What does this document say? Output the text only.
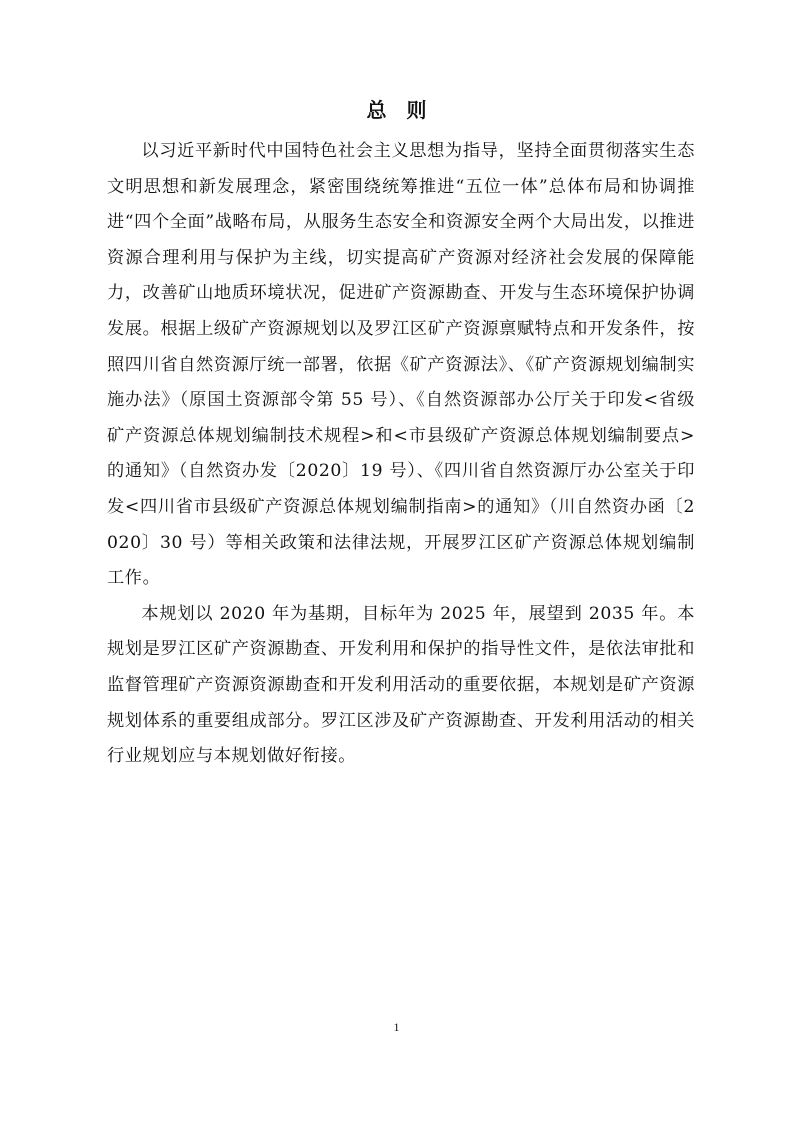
总则

以习近平新时代中国特色社会主义思想为指导，坚持全面贯彻落实生态文明思想和新发展理念，紧密围绕统筹推进“五位一体”总体布局和协调推进“四个全面”战略布局，从服务生态安全和资源安全两个大局出发，以推进资源合理利用与保护为主线，切实提高矿产资源对经济社会发展的保障能力，改善矿山地质环境状况，促进矿产资源勘查、开发与生态环境保护协调发展。根据上级矿产资源规划以及罗江区矿产资源禀赋特点和开发条件，按照四川省自然资源厅统一部署，依据《矿产资源法》、《矿产资源规划编制实施办法》（原国土资源部令第 55 号）、《自然资源部办公厅关于印发<省级矿产资源总体规划编制技术规程>和<市县级矿产资源总体规划编制要点>的通知》（自然资办发〔2020〕19 号）、《四川省自然资源厅办公室关于印发<四川省市县级矿产资源总体规划编制指南>的通知》（川自然资办函〔2020〕30 号）等相关政策和法律法规，开展罗江区矿产资源总体规划编制工作。

本规划以 2020 年为基期，目标年为 2025 年，展望到 2035 年。本规划是罗江区矿产资源勘查、开发利用和保护的指导性文件，是依法审批和监督管理矿产资源资源勘查和开发利用活动的重要依据，本规划是矿产资源规划体系的重要组成部分。罗江区涉及矿产资源勘查、开发利用活动的相关行业规划应与本规划做好衔接。

1
